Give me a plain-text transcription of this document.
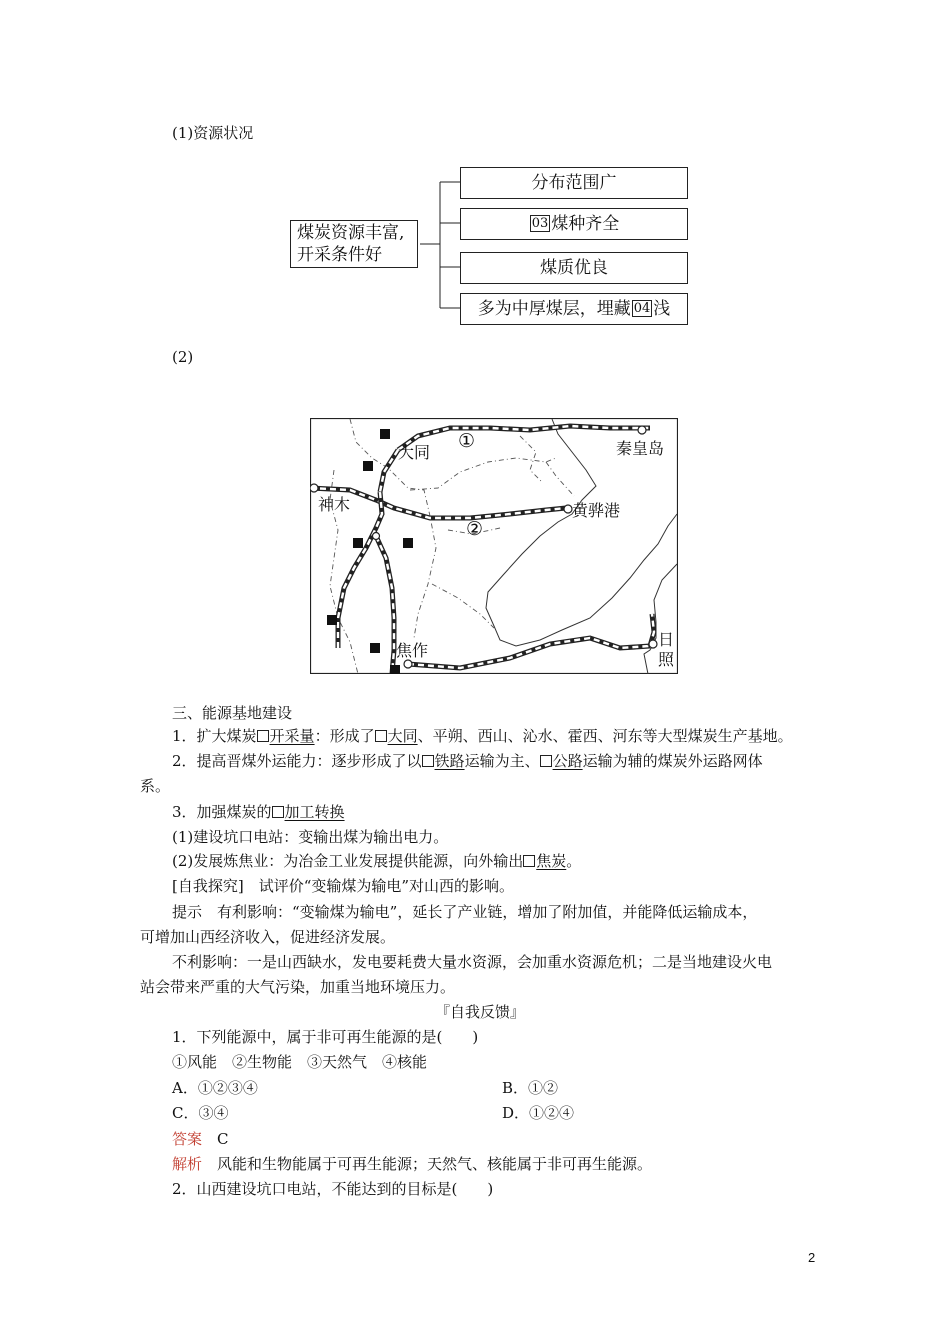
(1)资源状况
煤炭资源丰富,
开采条件好
分布范围广
03 煤种齐全
煤质优良
多为中厚煤层，埋藏 04 浅
(2)
大同
①	秦皇岛
神木	黄骅港
②
焦作
日照
三、能源基地建设
1．扩大煤炭 开采量：形成了 大同、平朔、西山、沁水、霍西、河东等大型煤炭生产基地。
2．提高晋煤外运能力：逐步形成了以 铁路运输为主、 公路运输为辅的煤炭外运路网体
系。
3．加强煤炭的 加工转换
(1)建设坑口电站：变输出煤为输出电力。
(2)发展炼焦业：为冶金工业发展提供能源，向外输出 焦炭。
[自我探究]　试评价“变输煤为输电”对山西的影响。
提示　有利影响：“变输煤为输电”，延长了产业链，增加了附加值，并能降低运输成本，
可增加山西经济收入，促进经济发展。
不利影响：一是山西缺水，发电要耗费大量水资源，会加重水资源危机；二是当地建设火电
站会带来严重的大气污染，加重当地环境压力。
『自我反馈』
1．下列能源中，属于非可再生能源的是(　　)
①风能　②生物能　③天然气　④核能
A．①②③④	B．①②
C．③④	D．①②④
答案　 C
解析　 风能和生物能属于可再生能源；天然气、核能属于非可再生能源。
2．山西建设坑口电站，不能达到的目标是(　　)
2
